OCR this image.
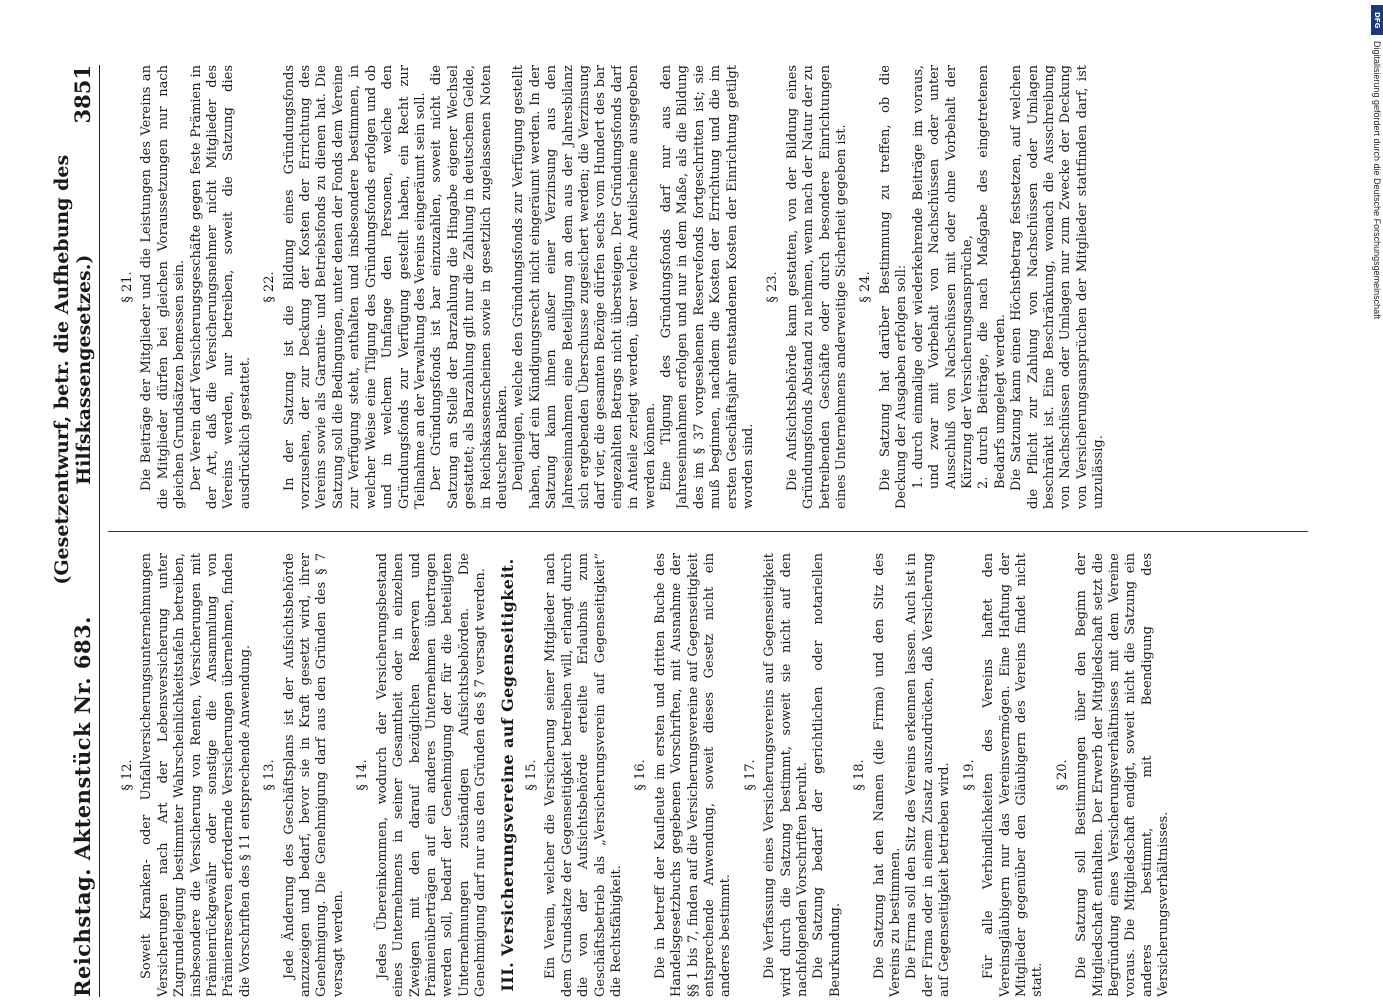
DFG
Digitalisierung gefördert durch die Deutsche Forschungsgemeinschaft
Reichstag. Aktenstück Nr. 683.
(Gesetzentwurf, betr. die Aufhebung des Hilfskassengesetzes.)
3851
§ 12. Soweit Kranken- oder Unfallversicherungsunternehmungen Versicherungen nach Art der Lebensversicherung unter Zugrundelegung bestimmter Wahrscheinlichkeitstafeln betreiben, insbesondere die Versicherung von Renten, Versicherungen mit Prämienrückgewähr oder sonstige die Ansammlung von Prämienreserven erfordernde Versicherungen übernehmen, finden die Vorschriften des § 11 entsprechende Anwendung. § 13. Jede Änderung des Geschäftsplans ist der Aufsichtsbehörde anzuzeigen und bedarf, bevor sie in Kraft gesetzt wird, ihrer Genehmigung. Die Genehmigung darf aus den Gründen des § 7 versagt werden.

§ 14. Jedes Übereinkommen, wodurch der Versicherungsbestand eines Unternehmens in seiner Gesamtheit oder in einzelnen Zweigen mit den darauf bezüglichen Reserven und Prämienüberträgen auf ein anderes Unternehmen übertragen werden soll, bedarf der Genehmigung der für die beteiligten Unternehmungen zuständigen Aufsichtsbehörden. Die Genehmigung darf nur aus den Gründen des § 7 versagt werden. III. Versicherungsvereine auf Gegenseitigkeit. § 15. Ein Verein, welcher die Versicherung seiner Mitglieder nach dem Grundsatze der Gegenseitigkeit betreiben will, erlangt durch die von der Aufsichtsbehörde erteilte Erlaubnis zum Geschäftsbetrieb als „Versicherungsverein auf Gegenseitigkeit“ die Rechtsfähigkeit.

§ 16. Die in betreff der Kaufleute im ersten und dritten Buche des Handelsgesetzbuchs gegebenen Vorschriften, mit Ausnahme der §§ 1 bis 7, finden auf die Versicherungsvereine auf Gegenseitigkeit entsprechende Anwendung, soweit dieses Gesetz nicht ein anderes bestimmt.

§ 17. Die Verfassung eines Versicherungsvereins auf Gegenseitigkeit wird durch die Satzung bestimmt, soweit sie nicht auf den nachfolgenden Vorschriften beruht. Die Satzung bedarf der gerichtlichen oder notariellen Beurkundung.

§ 18. Die Satzung hat den Namen (die Firma) und den Sitz des Vereins zu bestimmen. Die Firma soll den Sitz des Vereins erkennen lassen. Auch ist in der Firma oder in einem Zusatz auszudrücken, daß Versicherung auf Gegenseitigkeit betrieben wird. § 19. Für alle Verbindlichkeiten des Vereins haftet den Vereinsgläubigern nur das Vereinsvermögen. Eine Haftung der Mitglieder gegenüber den Gläubigern des Vereins findet nicht statt.

§ 20. Die Satzung soll Bestimmungen über den Beginn der Mitgliedschaft enthalten. Der Erwerb der Mitgliedschaft setzt die Begründung eines Versicherungsverhältnisses mit dem Vereine voraus. Die Mitgliedschaft endigt, soweit nicht die Satzung ein anderes bestimmt, mit Beendigung des Versicherungsverhältnisses.

§ 21. Die Beiträge der Mitglieder und die Leistungen des Vereins an die Mitglieder dürfen bei gleichen Voraussetzungen nur nach gleichen Grundsätzen bemessen sein. Der Verein darf Versicherungsgeschäfte gegen feste Prämien in der Art, daß die Versicherungsnehmer nicht Mitglieder des Vereins werden, nur betreiben, soweit die Satzung dies ausdrücklich gestattet.

§ 22. In der Satzung ist die Bildung eines Gründungsfonds vorzusehen, der zur Deckung der Kosten der Errichtung des Vereins sowie als Garantie- und Betriebsfonds zu dienen hat. Die Satzung soll die Bedingungen, unter denen der Fonds dem Vereine zur Verfügung steht, enthalten und insbesondere bestimmen, in welcher Weise eine Tilgung des Gründungsfonds erfolgen und ob und in welchem Umfange den Personen, welche den Gründungsfonds zur Verfügung gestellt haben, ein Recht zur Teilnahme an der Verwaltung des Vereins eingeräumt sein soll. Der Gründungsfonds ist bar einzuzahlen, soweit nicht die Satzung an Stelle der Barzahlung die Hingabe eigener Wechsel gestattet; als Barzahlung gilt nur die Zahlung in deutschem Gelde, in Reichskassenscheinen sowie in gesetzlich zugelassenen Noten deutscher Banken. Denjenigen, welche den Gründungsfonds zur Verfügung gestellt haben, darf ein Kündigungsrecht nicht eingeräumt werden. In der Satzung kann ihnen außer einer Verzinsung aus den Jahreseinnahmen eine Beteiligung an dem aus der Jahresbilanz sich ergebenden Überschusse zugesichert werden; die Verzinsung darf vier, die gesamten Bezüge dürfen sechs vom Hundert des bar eingezahlten Betrags nicht übersteigen. Der Gründungsfonds darf in Anteile zerlegt werden, über welche Anteilscheine ausgegeben werden können. Eine Tilgung des Gründungsfonds darf nur aus den Jahreseinnahmen erfolgen und nur in dem Maße, als die Bildung des im § 37 vorgesehenen Reservefonds fortgeschritten ist; sie muß beginnen, nachdem die Kosten der Errichtung und die im ersten Geschäftsjahr entstandenen Kosten der Einrichtung getilgt worden sind.

§ 23. Die Aufsichtsbehörde kann gestatten, von der Bildung eines Gründungsfonds Abstand zu nehmen, wenn nach der Natur der zu betreibenden Geschäfte oder durch besondere Einrichtungen eines Unternehmens anderweitige Sicherheit gegeben ist. § 24. Die Satzung hat darüber Bestimmung zu treffen, ob die Deckung der Ausgaben erfolgen soll: 1. durch einmalige oder wiederkehrende Beiträge im voraus, und zwar mit Vorbehalt von Nachschüssen oder unter Ausschluß von Nachschüssen mit oder ohne Vorbehalt der Kürzung der Versicherungsansprüche, 2. durch Beiträge, die nach Maßgabe des eingetretenen Bedarfs umgelegt werden. Die Satzung kann einen Höchstbetrag festsetzen, auf welchen die Pflicht zur Zahlung von Nachschüssen oder Umlagen beschränkt ist. Eine Beschränkung, wonach die Ausschreibung von Nachschüssen oder Umlagen nur zum Zwecke der Deckung von Versicherungsansprüchen der Mitglieder stattfinden darf, ist unzulässig.
